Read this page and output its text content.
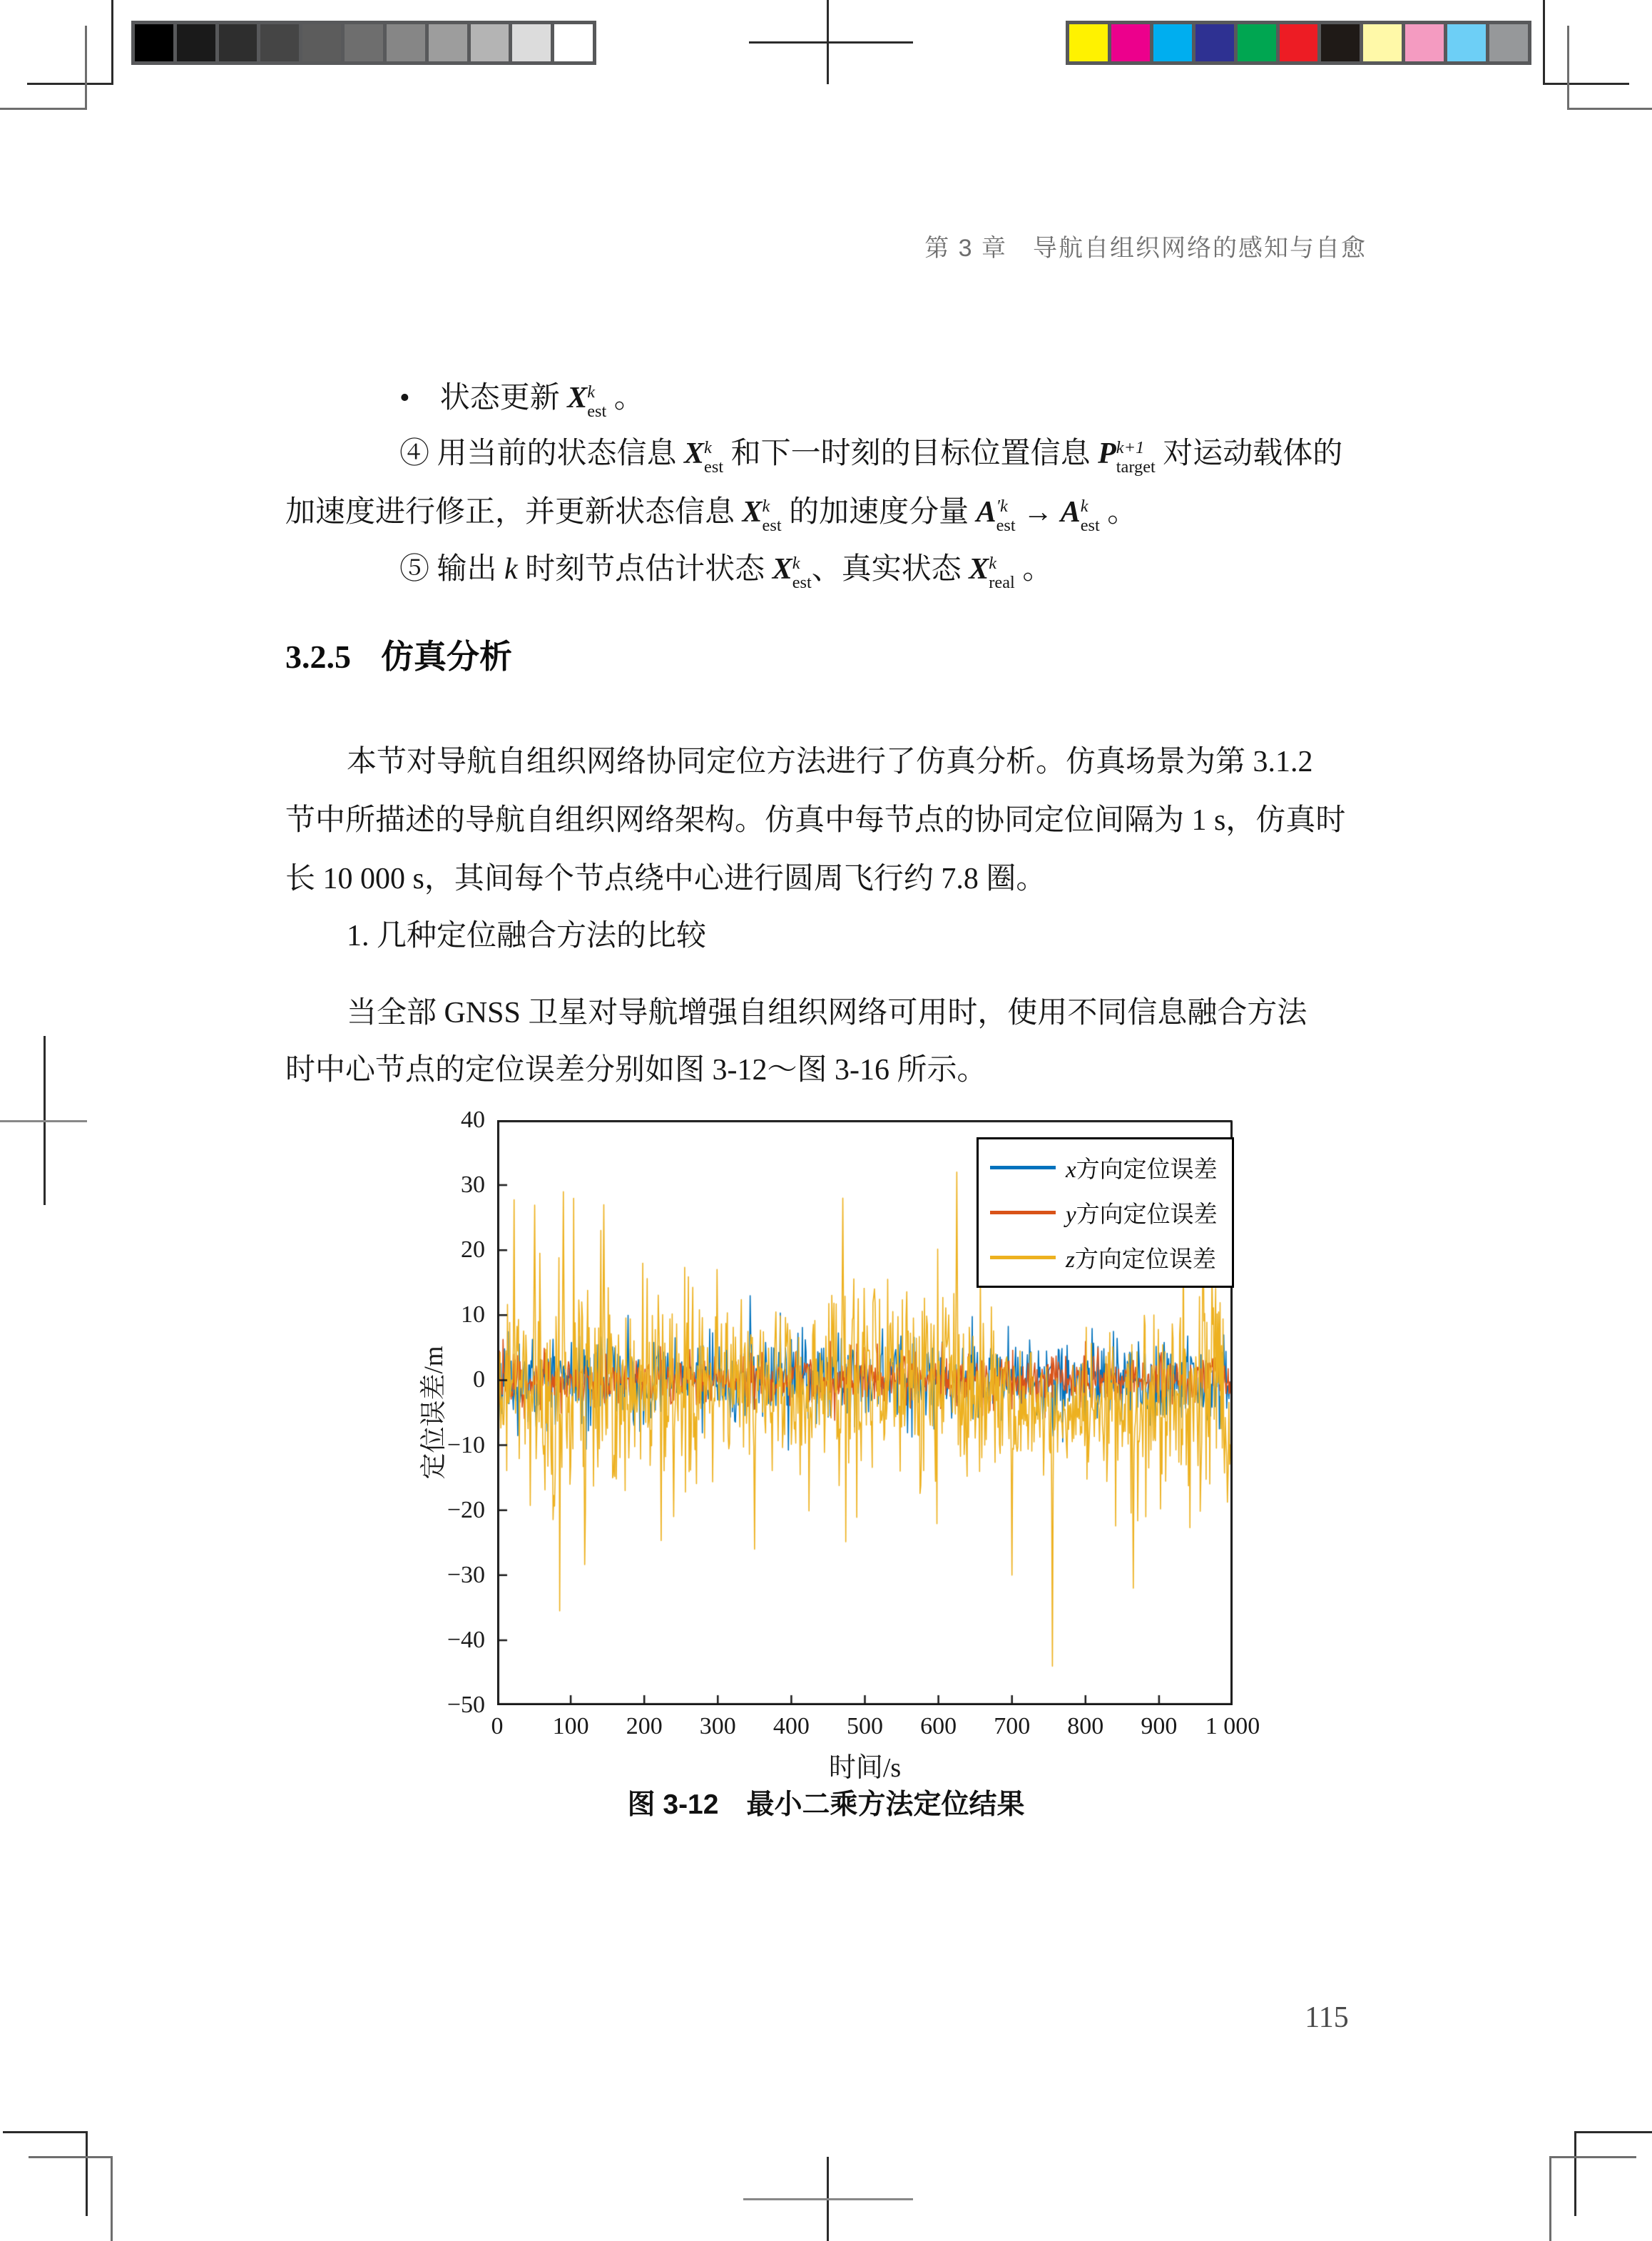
第 3 章　导航自组织网络的感知与自愈
•　状态更新 X k
est 。
④ 用当前的状态信息 X k
est 和下一时刻的目标位置信息 P k+1
target 对运动载体的
加速度进行修正，并更新状态信息 X k
est 的加速度分量 A ′k
est → A k
est 。
⑤ 输出 k 时刻节点估计状态 X k
est 、真实状态 X k
real 。
3.2.5 仿真分析
本节对导航自组织网络协同定位方法进行了仿真分析。仿真场景为第 3.1.2
节中所描述的导航自组织网络架构。仿真中每节点的协同定位间隔为 1 s，仿真时
长 10 000 s，其间每个节点绕中心进行圆周飞行约 7.8 圈。
1. 几种定位融合方法的比较
当全部 GNSS 卫星对导航增强自组织网络可用时，使用不同信息融合方法
时中心节点的定位误差分别如图 3-12～图 3-16 所示。
定位误差/m
时间/s
x方向定位误差
y方向定位误差
z方向定位误差
40
30
20
10
0
−10
−20
−30
−40
−50
0	100	200	300	400	500	600	700	800	900	1 000
图 3-12　最小二乘方法定位结果
115
